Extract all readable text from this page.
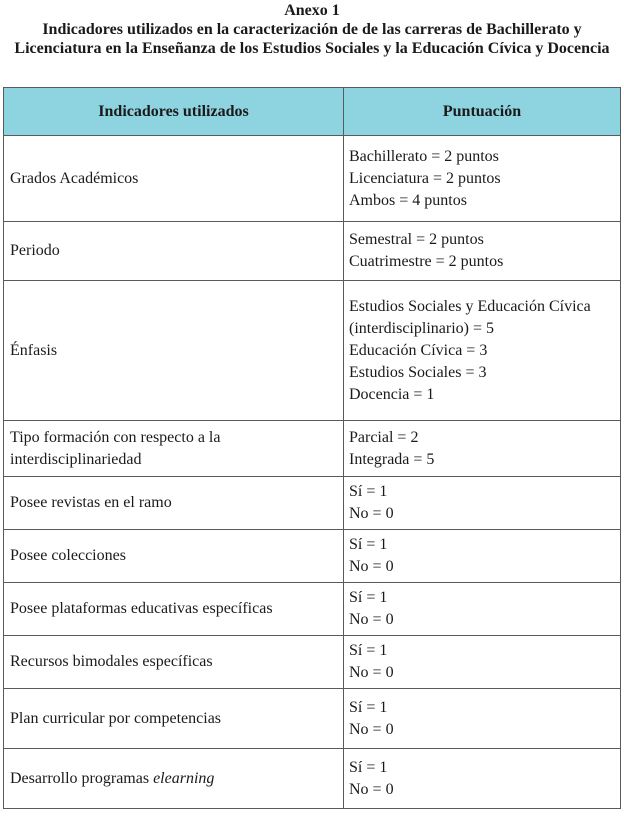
Anexo 1
Indicadores utilizados en la caracterización de de las carreras de Bachillerato y Licenciatura en la Enseñanza de los Estudios Sociales y la Educación Cívica y Docencia
Indicadores utilizados	Puntuación
Grados Académicos	Bachillerato = 2 puntos
Licenciatura = 2 puntos
Ambos = 4 puntos

Periodo	Semestral = 2 puntos
Cuatrimestre = 2 puntos

Énfasis	Estudios Sociales y Educación Cívica
(interdisciplinario) = 5
Educación Cívica = 3
Estudios Sociales = 3
Docencia = 1

Tipo formación con respecto a la interdisciplinariedad	Parcial = 2
Integrada = 5

Posee revistas en el ramo	Sí = 1
No = 0

Posee colecciones	Sí = 1
No = 0

Posee plataformas educativas específicas	Sí = 1
No = 0

Recursos bimodales específicas	Sí = 1
No = 0

Plan curricular por competencias	Sí = 1
No = 0

Desarrollo programas elearning	Sí = 1
No = 0
